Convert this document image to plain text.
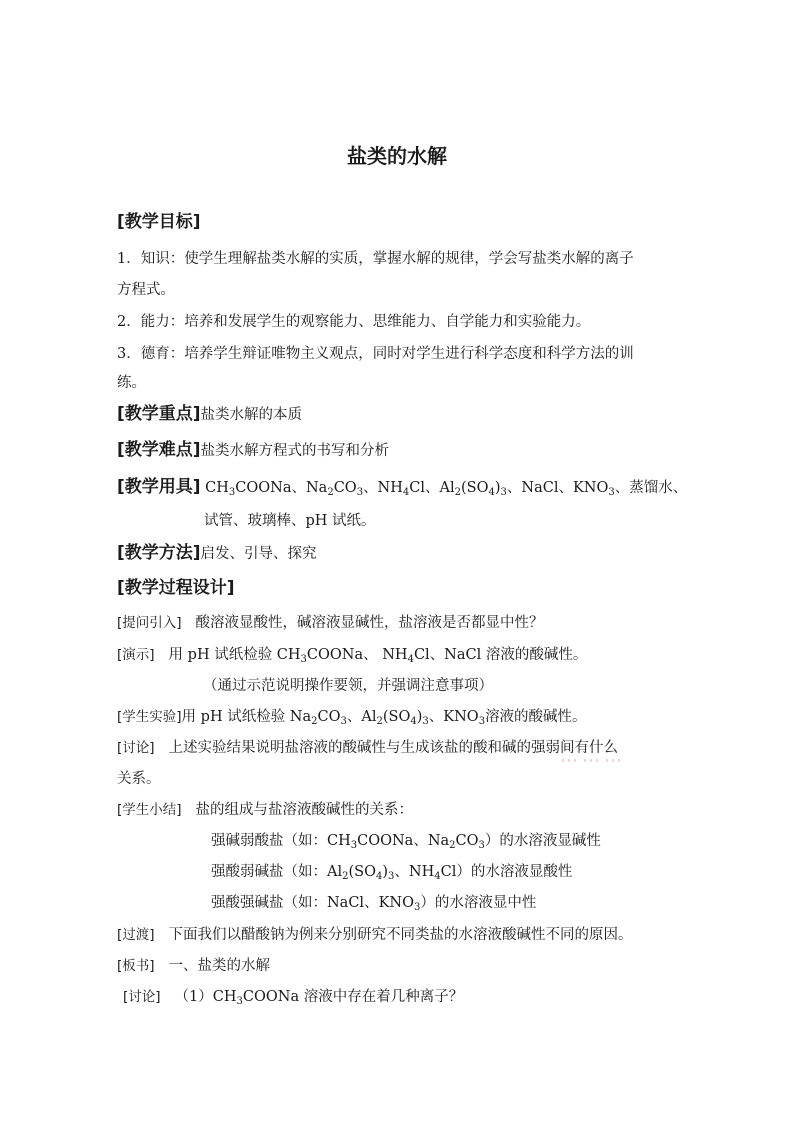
盐类的水解
[教学目标]
1．知识：使学生理解盐类水解的实质，掌握水解的规律，学会写盐类水解的离子
方程式。
2．能力：培养和发展学生的观察能力、思维能力、自学能力和实验能力。
3．德育：培养学生辩证唯物主义观点，同时对学生进行科学态度和科学方法的训
练。
[教学重点]盐类水解的本质
[教学难点]盐类水解方程式的书写和分析
[教学用具] $CH_3COONa$、$Na_2CO_3$、$NH_4Cl$、$Al_2(SO_4)_3$、NaCl、$KNO_3$、蒸馏水、
试管、玻璃棒、pH 试纸。
[教学方法]启发、引导、探究
[教学过程设计]
[提问引入] 酸溶液显酸性，碱溶液显碱性，盐溶液是否都显中性？
[演示] 用 pH 试纸检验 $CH_3COONa$、 $NH_4Cl$、NaCl 溶液的酸碱性。
（通过示范说明操作要领，并强调注意事项）
[学生实验]用 pH 试纸检验 $Na_2CO_3$、$Al_2(SO_4)_3$、$KNO_3$溶液的酸碱性。
[讨论] 上述实验结果说明盐溶液的酸碱性与生成该盐的酸和碱的强弱间有什么
关系。
[学生小结] 盐的组成与盐溶液酸碱性的关系：
强碱弱酸盐（如：$CH_3COONa$、$Na_2CO_3$）的水溶液显碱性
强酸弱碱盐（如：$Al_2(SO_4)_3$、$NH_4Cl$）的水溶液显酸性
强酸强碱盐（如：NaCl、$KNO_3$）的水溶液显中性
[过渡] 下面我们以醋酸钠为例来分别研究不同类盐的水溶液酸碱性不同的原因。
[板书] 一、盐类的水解
[讨论] $(1)CH_3COONa$ 溶液中存在着几种离子？
⋯⋯⋯
